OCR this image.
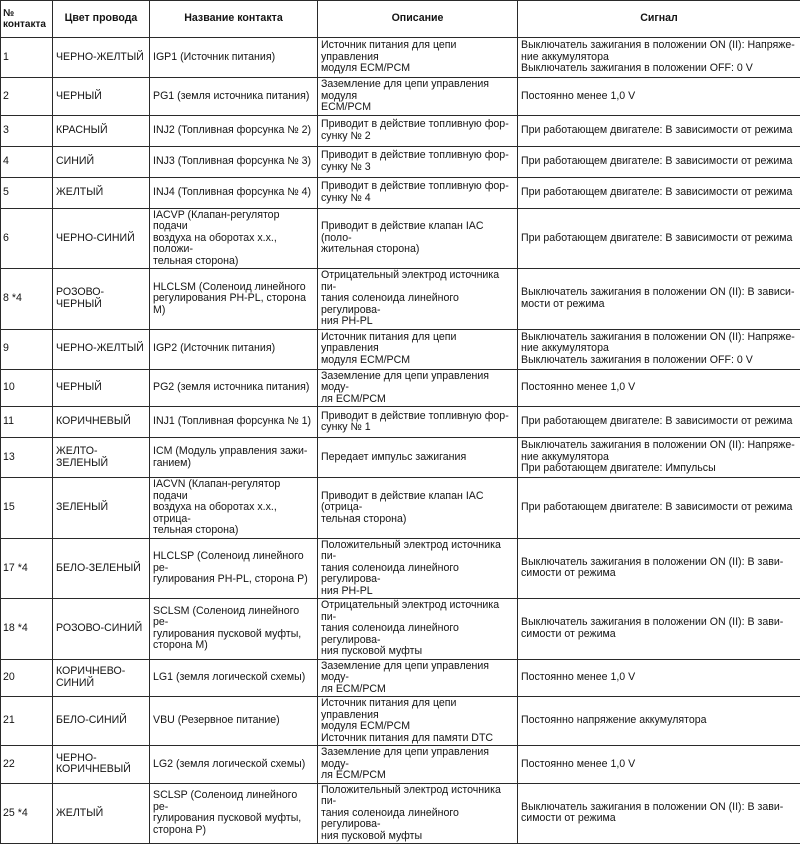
№
контакта	Цвет провода	Название контакта	Описание	Сигнал
1	ЧЕРНО-ЖЕЛТЫЙ	IGP1 (Источник питания)	Источник питания для цепи управления
модуля ECM/PCM	Выключатель зажигания в положении ON (II): Напряже-
ние аккумулятора
Выключатель зажигания в положении OFF: 0 V
2	ЧЕРНЫЙ	PG1 (земля источника питания)	Заземление для цепи управления модуля
ECM/PCM	Постоянно менее 1,0 V
3	КРАСНЫЙ	INJ2 (Топливная форсунка № 2)	Приводит в действие топливную фор-
сунку № 2	При работающем двигателе: В зависимости от режима
4	СИНИЙ	INJ3 (Топливная форсунка № 3)	Приводит в действие топливную фор-
сунку № 3	При работающем двигателе: В зависимости от режима
5	ЖЕЛТЫЙ	INJ4 (Топливная форсунка № 4)	Приводит в действие топливную фор-
сунку № 4	При работающем двигателе: В зависимости от режима
6	ЧЕРНО-СИНИЙ	IACVP (Клапан-регулятор подачи
воздуха на оборотах х.х., положи-
тельная сторона)	Приводит в действие клапан IAC (поло-
жительная сторона)	При работающем двигателе: В зависимости от режима
8 *4	РОЗОВО-
ЧЕРНЫЙ	HLCLSM (Соленоид линейного
регулирования PH-PL, сторона M)	Отрицательный электрод источника пи-
тания соленоида линейного регулирова-
ния PH-PL	Выключатель зажигания в положении ON (II): В зависи-
мости от режима
9	ЧЕРНО-ЖЕЛТЫЙ	IGP2 (Источник питания)	Источник питания для цепи управления
модуля ECM/PCM	Выключатель зажигания в положении ON (II): Напряже-
ние аккумулятора
Выключатель зажигания в положении OFF: 0 V
10	ЧЕРНЫЙ	PG2 (земля источника питания)	Заземление для цепи управления моду-
ля ECM/PCM	Постоянно менее 1,0 V
11	КОРИЧНЕВЫЙ	INJ1 (Топливная форсунка № 1)	Приводит в действие топливную фор-
сунку № 1	При работающем двигателе: В зависимости от режима
13	ЖЕЛТО-
ЗЕЛЕНЫЙ	ICM (Модуль управления зажи-
ганием)	Передает импульс зажигания	Выключатель зажигания в положении ON (II): Напряже-
ние аккумулятора
При работающем двигателе: Импульсы
15	ЗЕЛЕНЫЙ	IACVN (Клапан-регулятор подачи
воздуха на оборотах х.х., отрица-
тельная сторона)	Приводит в действие клапан IAC (отрица-
тельная сторона)	При работающем двигателе: В зависимости от режима
17 *4	БЕЛО-ЗЕЛЕНЫЙ	HLCLSP (Соленоид линейного ре-
гулирования PH-PL, сторона P)	Положительный электрод источника пи-
тания соленоида линейного регулирова-
ния PH-PL	Выключатель зажигания в положении ON (II): В зави-
симости от режима
18 *4	РОЗОВО-СИНИЙ	SCLSM (Соленоид линейного ре-
гулирования пусковой муфты,
сторона M)	Отрицательный электрод источника пи-
тания соленоида линейного регулирова-
ния пусковой муфты	Выключатель зажигания в положении ON (II): В зави-
симости от режима
20	КОРИЧНЕВО-
СИНИЙ	LG1 (земля логической схемы)	Заземление для цепи управления моду-
ля ECM/PCM	Постоянно менее 1,0 V
21	БЕЛО-СИНИЙ	VBU (Резервное питание)	Источник питания для цепи управления
модуля ECM/PCM
Источник питания для памяти DTC	Постоянно напряжение аккумулятора
22	ЧЕРНО-
КОРИЧНЕВЫЙ	LG2 (земля логической схемы)	Заземление для цепи управления моду-
ля ECM/PCM	Постоянно менее 1,0 V
25 *4	ЖЕЛТЫЙ	SCLSP (Соленоид линейного ре-
гулирования пусковой муфты,
сторона P)	Положительный электрод источника пи-
тания соленоида линейного регулирова-
ния пусковой муфты	Выключатель зажигания в положении ON (II): В зави-
симости от режима
